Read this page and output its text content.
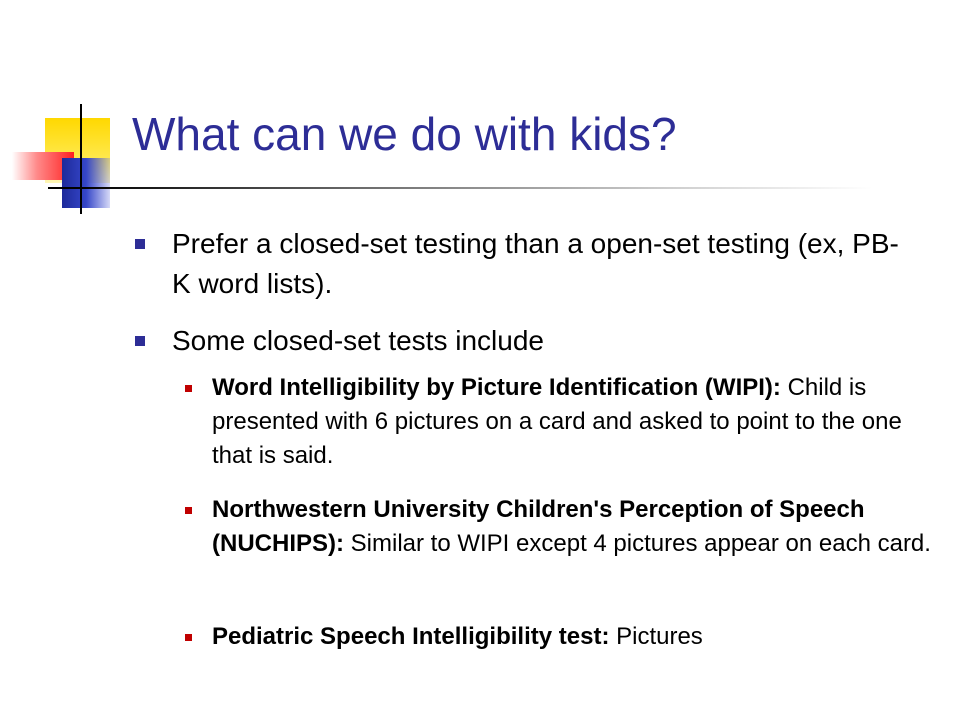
What can we do with kids?
Prefer a closed-set testing than a open-set testing (ex, PB-K word lists).
Some closed-set tests include
Word Intelligibility by Picture Identification (WIPI): Child is presented with 6 pictures on a card and asked to point to the one that is said.
Northwestern University Children's Perception of Speech (NUCHIPS): Similar to WIPI except 4 pictures appear on each card.
Pediatric Speech Intelligibility test: Pictures
